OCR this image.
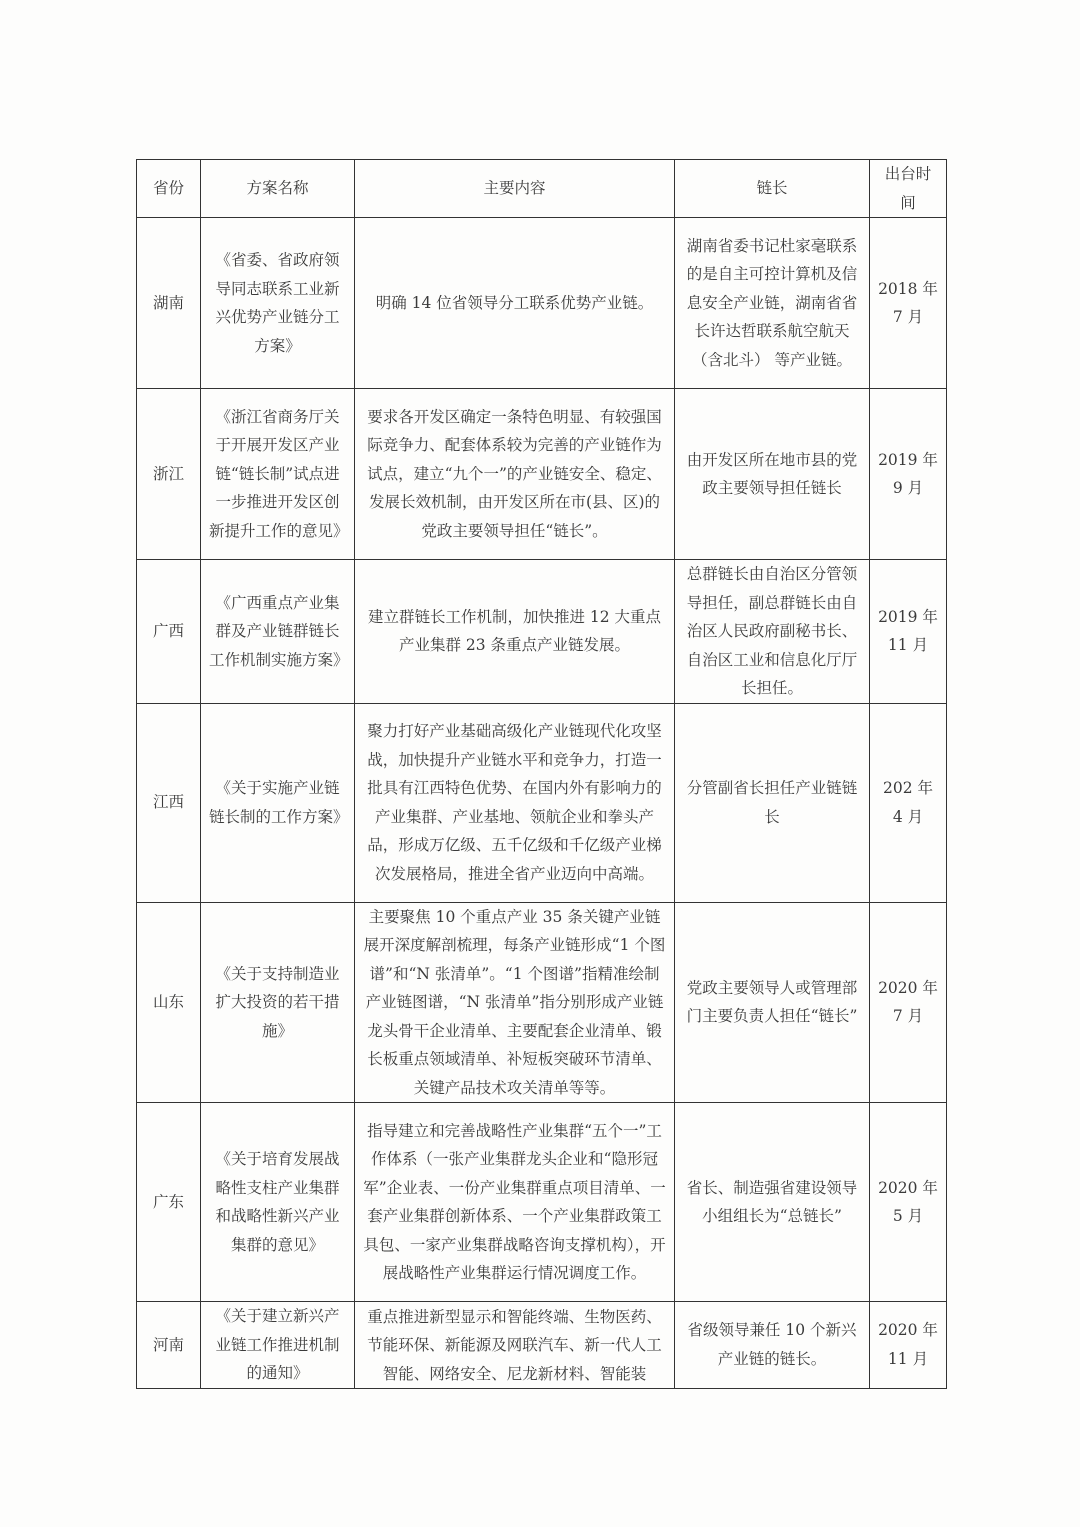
省份	方案名称	主要内容	链长	出台时间
湖南	《省委、省政府领导同志联系工业新兴优势产业链分工方案》	明确 14 位省领导分工联系优势产业链。	湖南省委书记杜家毫联系的是自主可控计算机及信息安全产业链，湖南省省长许达哲联系航空航天（含北斗） 等产业链。	2018 年 7 月
浙江	《浙江省商务厅关于开展开发区产业链“链长制”试点进一步推进开发区创新提升工作的意见》	要求各开发区确定一条特色明显、有较强国际竞争力、配套体系较为完善的产业链作为试点，建立“九个一”的产业链安全、稳定、发展长效机制，由开发区所在市(县、区)的党政主要领导担任“链长”。	由开发区所在地市县的党政主要领导担任链长	2019 年 9 月
广西	《广西重点产业集群及产业链群链长工作机制实施方案》	建立群链长工作机制，加快推进 12 大重点产业集群 23 条重点产业链发展。	总群链长由自治区分管领导担任，副总群链长由自治区人民政府副秘书长、自治区工业和信息化厅厅长担任。	2019 年 11 月
江西	《关于实施产业链链长制的工作方案》	聚力打好产业基础高级化产业链现代化攻坚战，加快提升产业链水平和竞争力，打造一批具有江西特色优势、在国内外有影响力的产业集群、产业基地、领航企业和拳头产品，形成万亿级、五千亿级和千亿级产业梯次发展格局，推进全省产业迈向中高端。	分管副省长担任产业链链长	202 年 4 月
山东	《关于支持制造业扩大投资的若干措施》	主要聚焦 10 个重点产业 35 条关键产业链展开深度解剖梳理，每条产业链形成“1 个图谱”和“N 张清单”。“1 个图谱”指精准绘制产业链图谱，“N 张清单”指分别形成产业链龙头骨干企业清单、主要配套企业清单、锻长板重点领域清单、补短板突破环节清单、关键产品技术攻关清单等等。	党政主要领导人或管理部门主要负责人担任“链长”	2020 年 7 月
广东	《关于培育发展战略性支柱产业集群和战略性新兴产业集群的意见》	指导建立和完善战略性产业集群“五个一”工作体系（一张产业集群龙头企业和“隐形冠军”企业表、一份产业集群重点项目清单、一套产业集群创新体系、一个产业集群政策工具包、一家产业集群战略咨询支撑机构），开展战略性产业集群运行情况调度工作。	省长、制造强省建设领导小组组长为“总链长”	2020 年 5 月
河南	《关于建立新兴产业链工作推进机制的通知》	重点推进新型显示和智能终端、生物医药、节能环保、新能源及网联汽车、新一代人工智能、网络安全、尼龙新材料、智能装	省级领导兼任 10 个新兴产业链的链长。	2020 年 11 月
